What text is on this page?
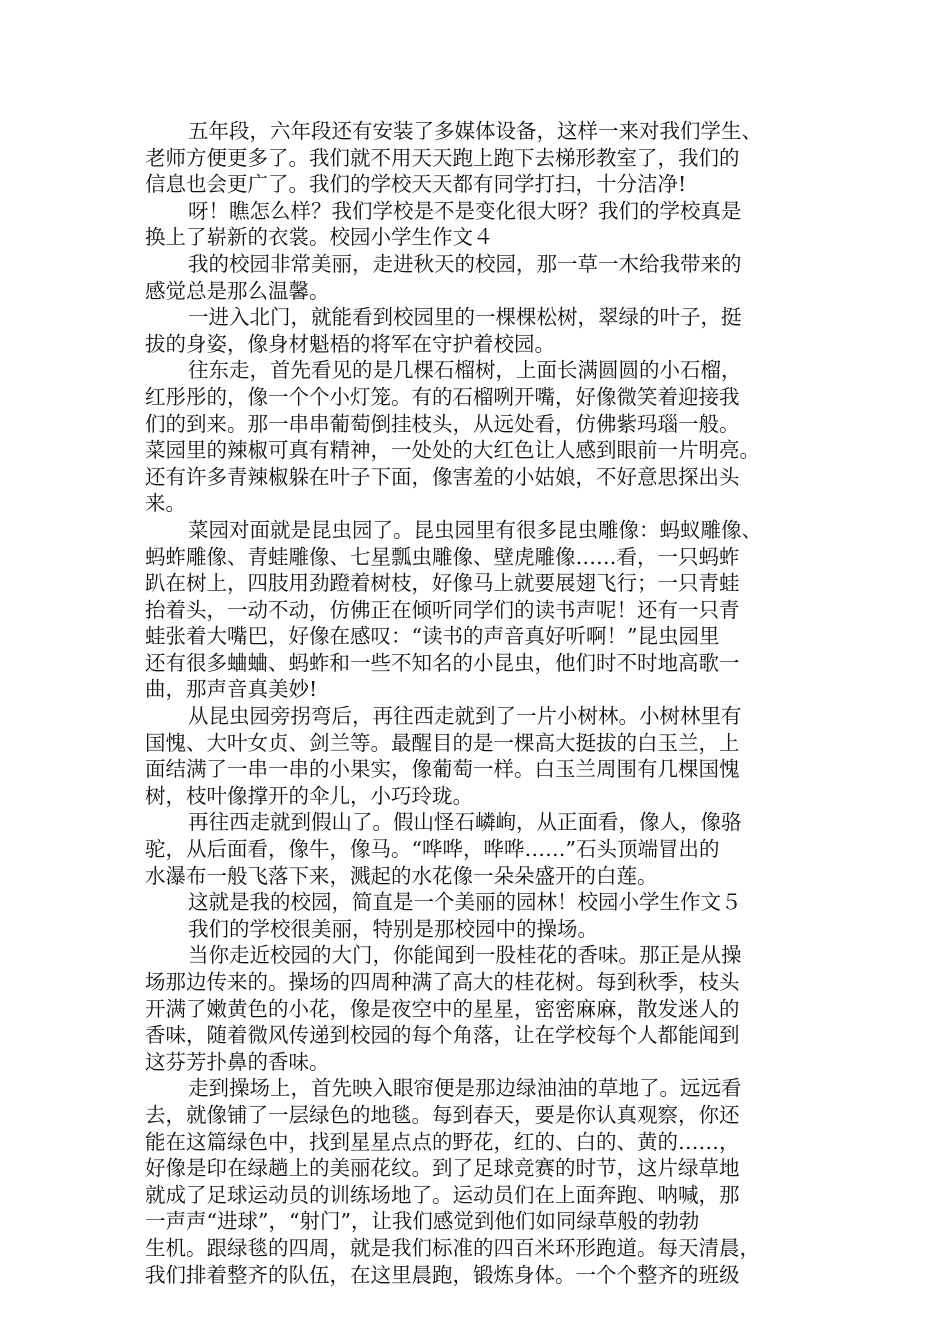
五年段，六年段还有安装了多媒体设备，这样一来对我们学生、
老师方便更多了。我们就不用天天跑上跑下去梯形教室了，我们的
信息也会更广了。我们的学校天天都有同学打扫，十分洁净!
呀！瞧怎么样？我们学校是不是变化很大呀？我们的学校真是
换上了崭新的衣裳。校园小学生作文４
我的校园非常美丽，走进秋天的校园，那一草一木给我带来的
感觉总是那么温馨。
一进入北门，就能看到校园里的一棵棵松树，翠绿的叶子，挺
拔的身姿，像身材魁梧的将军在守护着校园。
往东走，首先看见的是几棵石榴树，上面长满圆圆的小石榴，
红彤彤的，像一个个小灯笼。有的石榴咧开嘴，好像微笑着迎接我
们的到来。那一串串葡萄倒挂枝头，从远处看，仿佛紫玛瑙一般。
菜园里的辣椒可真有精神，一处处的大红色让人感到眼前一片明亮。
还有许多青辣椒躲在叶子下面，像害羞的小姑娘，不好意思探出头
来。
菜园对面就是昆虫园了。昆虫园里有很多昆虫雕像：蚂蚁雕像、
蚂蚱雕像、青蛙雕像、七星瓢虫雕像、壁虎雕像……看，一只蚂蚱
趴在树上，四肢用劲蹬着树枝，好像马上就要展翅飞行；一只青蛙
抬着头，一动不动，仿佛正在倾听同学们的读书声呢！还有一只青
蛙张着大嘴巴，好像在感叹：“读书的声音真好听啊！”昆虫园里
还有很多蛐蛐、蚂蚱和一些不知名的小昆虫，他们时不时地高歌一
曲，那声音真美妙!
从昆虫园旁拐弯后，再往西走就到了一片小树林。小树林里有
国愧、大叶女贞、剑兰等。最醒目的是一棵高大挺拔的白玉兰，上
面结满了一串一串的小果实，像葡萄一样。白玉兰周围有几棵国愧
树，枝叶像撑开的伞儿，小巧玲珑。
再往西走就到假山了。假山怪石嶙峋，从正面看，像人，像骆
驼，从后面看，像牛，像马。“哗哗，哗哗……”石头顶端冒出的
水瀑布一般飞落下来，溅起的水花像一朵朵盛开的白莲。
这就是我的校园，简直是一个美丽的园林！校园小学生作文５
我们的学校很美丽，特别是那校园中的操场。
当你走近校园的大门，你能闻到一股桂花的香味。那正是从操
场那边传来的。操场的四周种满了高大的桂花树。每到秋季，枝头
开满了嫩黄色的小花，像是夜空中的星星，密密麻麻，散发迷人的
香味，随着微风传递到校园的每个角落，让在学校每个人都能闻到
这芬芳扑鼻的香味。
走到操场上，首先映入眼帘便是那边绿油油的草地了。远远看
去，就像铺了一层绿色的地毯。每到春天，要是你认真观察，你还
能在这篇绿色中，找到星星点点的野花，红的、白的、黄的……，
好像是印在绿趟上的美丽花纹。到了足球竞赛的时节，这片绿草地
就成了足球运动员的训练场地了。运动员们在上面奔跑、呐喊，那
一声声“进球”，“射门”，让我们感觉到他们如同绿草般的勃勃
生机。跟绿毯的四周，就是我们标准的四百米环形跑道。每天清晨，
我们排着整齐的队伍，在这里晨跑，锻炼身体。一个个整齐的班级
